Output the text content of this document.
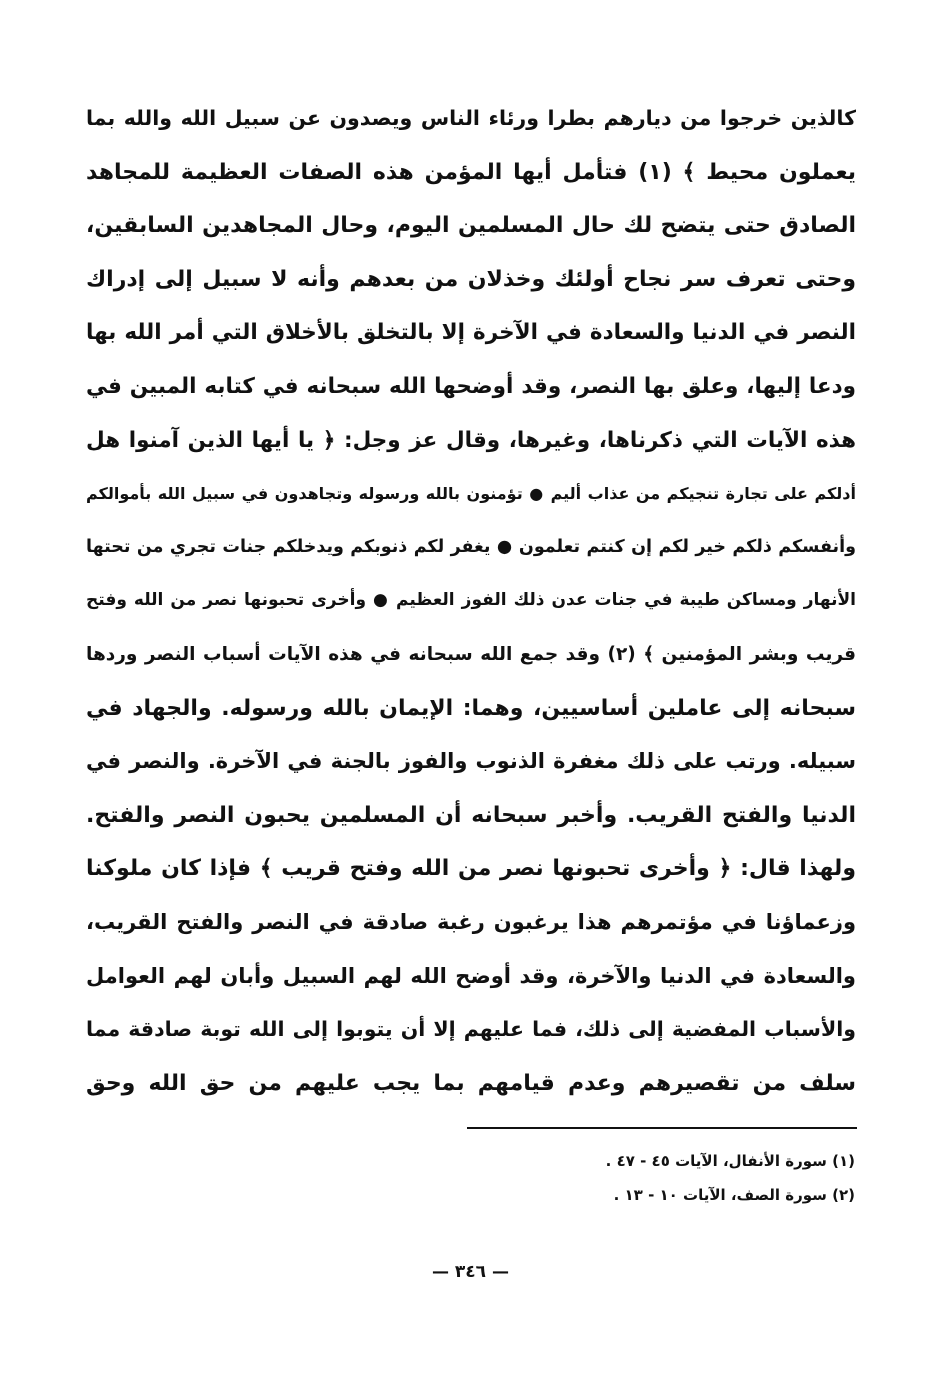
كالذين خرجوا من ديارهم بطرا ورئاء الناس ويصدون عن سبيل الله والله بما
يعملون محيط ﴾ (١) فتأمل أيها المؤمن هذه الصفات العظيمة للمجاهد
الصادق حتى يتضح لك حال المسلمين اليوم، وحال المجاهدين السابقين،
وحتى تعرف سر نجاح أولئك وخذلان من بعدهم وأنه لا سبيل إلى إدراك
النصر في الدنيا والسعادة في الآخرة إلا بالتخلق بالأخلاق التي أمر الله بها
ودعا إليها، وعلق بها النصر، وقد أوضحها الله سبحانه في كتابه المبين في
هذه الآيات التي ذكرناها، وغيرها، وقال عز وجل: ﴿ يا أيها الذين آمنوا هل
أدلكم على تجارة تنجيكم من عذاب أليم ● تؤمنون بالله ورسوله وتجاهدون في سبيل الله بأموالكم
وأنفسكم ذلكم خير لكم إن كنتم تعلمون ● يغفر لكم ذنوبكم ويدخلكم جنات تجري من تحتها
الأنهار ومساكن طيبة في جنات عدن ذلك الفوز العظيم ● وأخرى تحبونها نصر من الله وفتح
قريب وبشر المؤمنين ﴾ (٢) وقد جمع الله سبحانه في هذه الآيات أسباب النصر وردها
سبحانه إلى عاملين أساسيين، وهما: الإيمان بالله ورسوله. والجهاد في
سبيله. ورتب على ذلك مغفرة الذنوب والفوز بالجنة في الآخرة. والنصر في
الدنيا والفتح القريب. وأخبر سبحانه أن المسلمين يحبون النصر والفتح.
ولهذا قال: ﴿ وأخرى تحبونها نصر من الله وفتح قريب ﴾ فإذا كان ملوكنا
وزعماؤنا في مؤتمرهم هذا يرغبون رغبة صادقة في النصر والفتح القريب،
والسعادة في الدنيا والآخرة، وقد أوضح الله لهم السبيل وأبان لهم العوامل
والأسباب المفضية إلى ذلك، فما عليهم إلا أن يتوبوا إلى الله توبة صادقة مما
سلف من تقصيرهم وعدم قيامهم بما يجب عليهم من حق الله وحق
(١) سورة الأنفال، الآيات ٤٥ - ٤٧ .
(٢) سورة الصف، الآيات ١٠ - ١٣ .
— ٣٤٦ —
